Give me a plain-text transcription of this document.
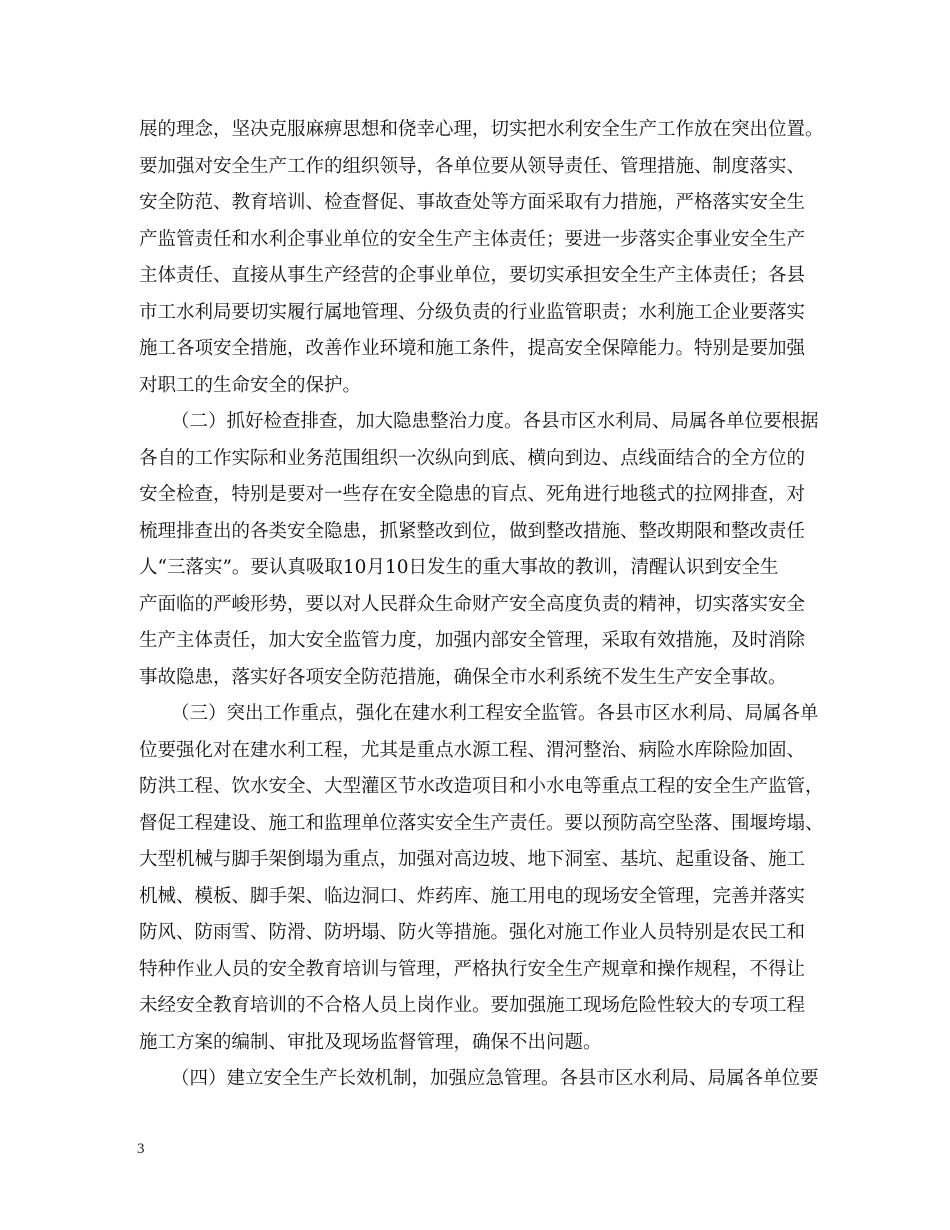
展的理念，坚决克服麻痹思想和侥幸心理，切实把水利安全生产工作放在突出位置。
要加强对安全生产工作的组织领导，各单位要从领导责任、管理措施、制度落实、
安全防范、教育培训、检查督促、事故查处等方面采取有力措施，严格落实安全生
产监管责任和水利企事业单位的安全生产主体责任；要进一步落实企事业安全生产
主体责任、直接从事生产经营的企事业单位，要切实承担安全生产主体责任；各县
市工水利局要切实履行属地管理、分级负责的行业监管职责；水利施工企业要落实
施工各项安全措施，改善作业环境和施工条件，提高安全保障能力。特别是要加强
对职工的生命安全的保护。
（二）抓好检查排查，加大隐患整治力度。各县市区水利局、局属各单位要根据
各自的工作实际和业务范围组织一次纵向到底、横向到边、点线面结合的全方位的
安全检查，特别是要对一些存在安全隐患的盲点、死角进行地毯式的拉网排查，对
梳理排查出的各类安全隐患，抓紧整改到位，做到整改措施、整改期限和整改责任
人“三落实”。要认真吸取10月10日发生的重大事故的教训，清醒认识到安全生
产面临的严峻形势，要以对人民群众生命财产安全高度负责的精神，切实落实安全
生产主体责任，加大安全监管力度，加强内部安全管理，采取有效措施，及时消除
事故隐患，落实好各项安全防范措施，确保全市水利系统不发生生产安全事故。
（三）突出工作重点，强化在建水利工程安全监管。各县市区水利局、局属各单
位要强化对在建水利工程，尤其是重点水源工程、渭河整治、病险水库除险加固、
防洪工程、饮水安全、大型灌区节水改造项目和小水电等重点工程的安全生产监管，
督促工程建设、施工和监理单位落实安全生产责任。要以预防高空坠落、围堰垮塌、
大型机械与脚手架倒塌为重点，加强对高边坡、地下洞室、基坑、起重设备、施工
机械、模板、脚手架、临边洞口、炸药库、施工用电的现场安全管理，完善并落实
防风、防雨雪、防滑、防坍塌、防火等措施。强化对施工作业人员特别是农民工和
特种作业人员的安全教育培训与管理，严格执行安全生产规章和操作规程，不得让
未经安全教育培训的不合格人员上岗作业。要加强施工现场危险性较大的专项工程
施工方案的编制、审批及现场监督管理，确保不出问题。
（四）建立安全生产长效机制，加强应急管理。各县市区水利局、局属各单位要
3
